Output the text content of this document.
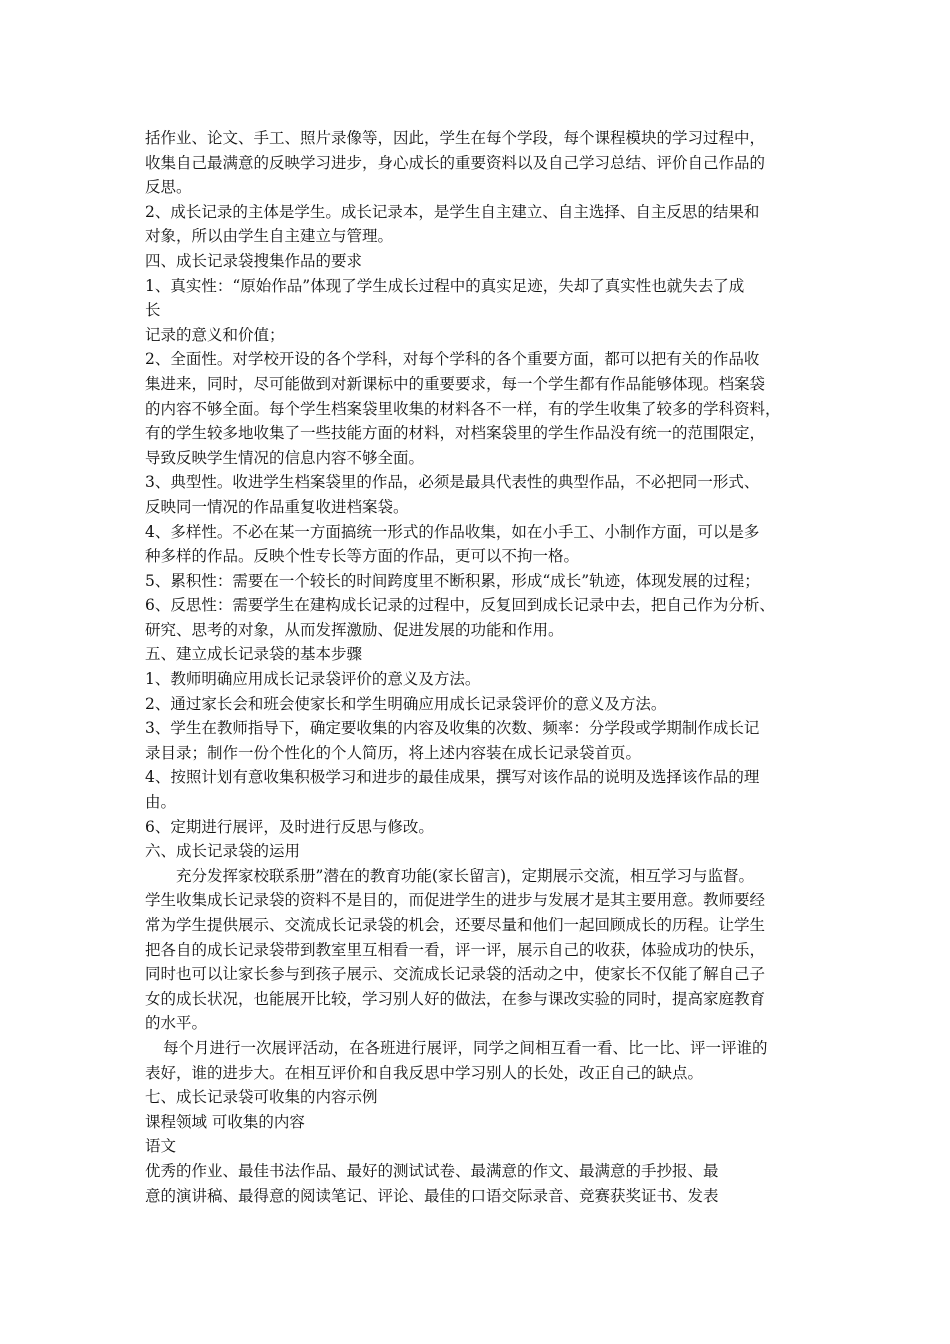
括作业、论文、手工、照片录像等，因此，学生在每个学段，每个课程模块的学习过程中，
收集自己最满意的反映学习进步，身心成长的重要资料以及自己学习总结、评价自己作品的
反思。
2、成长记录的主体是学生。成长记录本，是学生自主建立、自主选择、自主反思的结果和
对象，所以由学生自主建立与管理。
四、成长记录袋搜集作品的要求
1、真实性：“原始作品”体现了学生成长过程中的真实足迹，失却了真实性也就失去了成
长
记录的意义和价值；
2、全面性。对学校开设的各个学科，对每个学科的各个重要方面，都可以把有关的作品收
集进来，同时，尽可能做到对新课标中的重要要求，每一个学生都有作品能够体现。档案袋
的内容不够全面。每个学生档案袋里收集的材料各不一样，有的学生收集了较多的学科资料，
有的学生较多地收集了一些技能方面的材料，对档案袋里的学生作品没有统一的范围限定，
导致反映学生情况的信息内容不够全面。
3、典型性。收进学生档案袋里的作品，必须是最具代表性的典型作品，不必把同一形式、
反映同一情况的作品重复收进档案袋。
4、多样性。不必在某一方面搞统一形式的作品收集，如在小手工、小制作方面，可以是多
种多样的作品。反映个性专长等方面的作品，更可以不拘一格。
5、累积性：需要在一个较长的时间跨度里不断积累，形成“成长”轨迹，体现发展的过程；
6、反思性：需要学生在建构成长记录的过程中，反复回到成长记录中去，把自己作为分析、
研究、思考的对象，从而发挥激励、促进发展的功能和作用。
五、建立成长记录袋的基本步骤
1、教师明确应用成长记录袋评价的意义及方法。
2、通过家长会和班会使家长和学生明确应用成长记录袋评价的意义及方法。
3、学生在教师指导下，确定要收集的内容及收集的次数、频率：分学段或学期制作成长记
录目录；制作一份个性化的个人简历，将上述内容装在成长记录袋首页。
4、按照计划有意收集积极学习和进步的最佳成果，撰写对该作品的说明及选择该作品的理
由。
6、定期进行展评，及时进行反思与修改。
六、成长记录袋的运用
充分发挥家校联系册”潜在的教育功能(家长留言)，定期展示交流，相互学习与监督。
学生收集成长记录袋的资料不是目的，而促进学生的进步与发展才是其主要用意。教师要经
常为学生提供展示、交流成长记录袋的机会，还要尽量和他们一起回顾成长的历程。让学生
把各自的成长记录袋带到教室里互相看一看，评一评，展示自己的收获，体验成功的快乐，
同时也可以让家长参与到孩子展示、交流成长记录袋的活动之中，使家长不仅能了解自己子
女的成长状况，也能展开比较，学习别人好的做法，在参与课改实验的同时，提高家庭教育
的水平。
每个月进行一次展评活动，在各班进行展评，同学之间相互看一看、比一比、评一评谁的
表好，谁的进步大。在相互评价和自我反思中学习别人的长处，改正自己的缺点。
七、成长记录袋可收集的内容示例
课程领域 可收集的内容
语文
优秀的作业、最佳书法作品、最好的测试试卷、最满意的作文、最满意的手抄报、最
意的演讲稿、最得意的阅读笔记、评论、最佳的口语交际录音、竞赛获奖证书、发表
